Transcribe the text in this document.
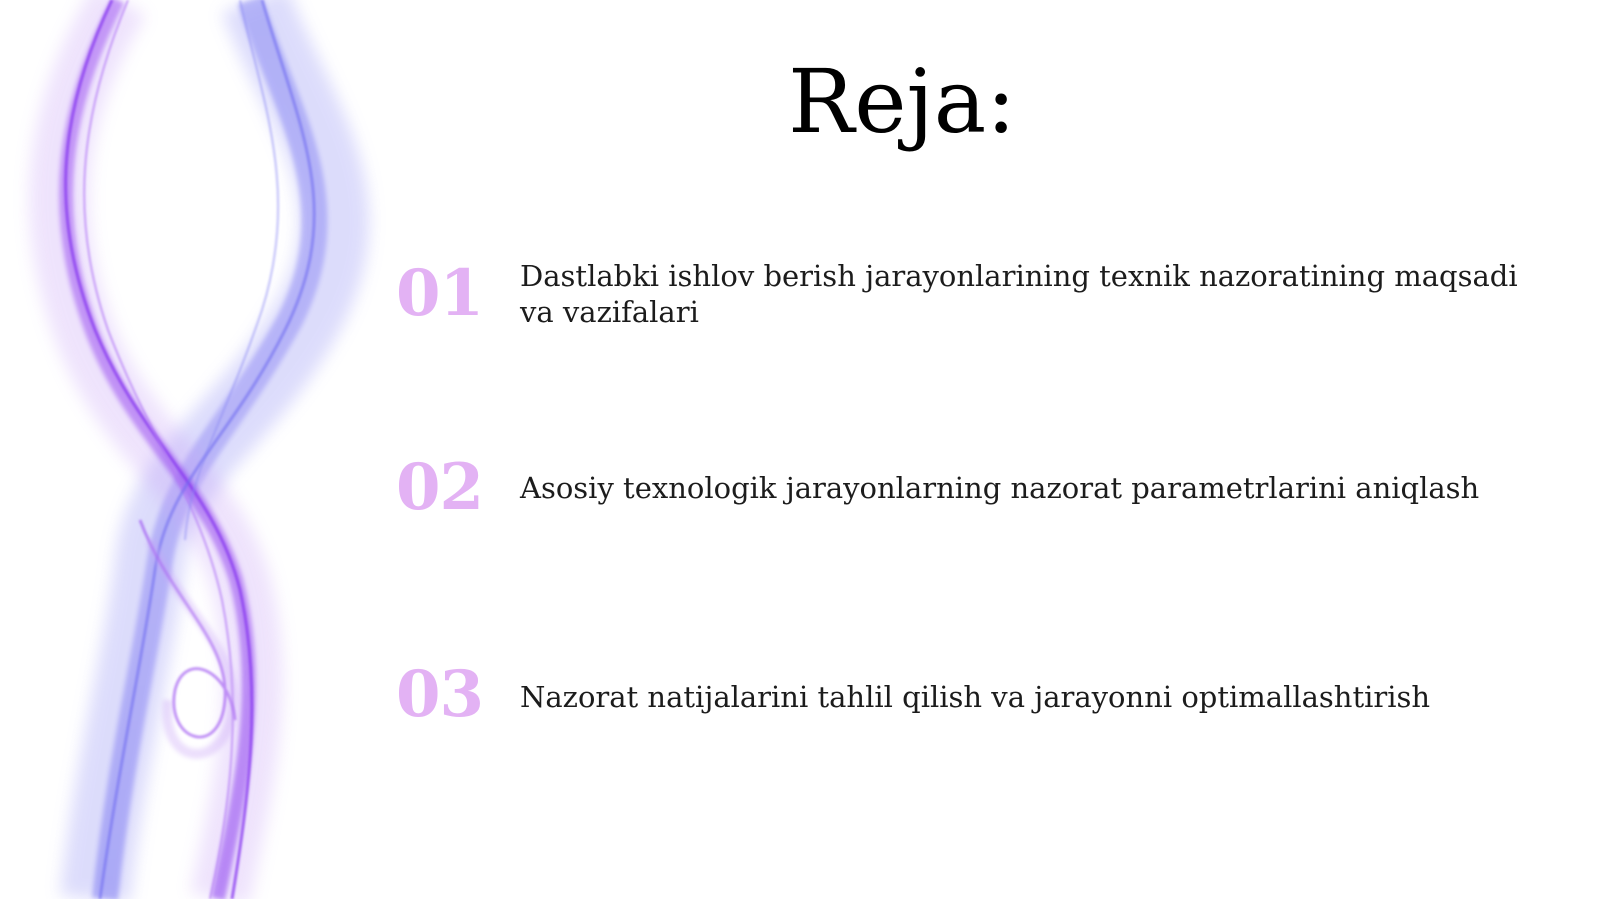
Reja:
01	Dastlabki ishlov berish jarayonlarining texnik nazoratining maqsadi va vazifalari
02	Asosiy texnologik jarayonlarning nazorat parametrlarini aniqlash
03	Nazorat natijalarini tahlil qilish va jarayonni optimallashtirish
